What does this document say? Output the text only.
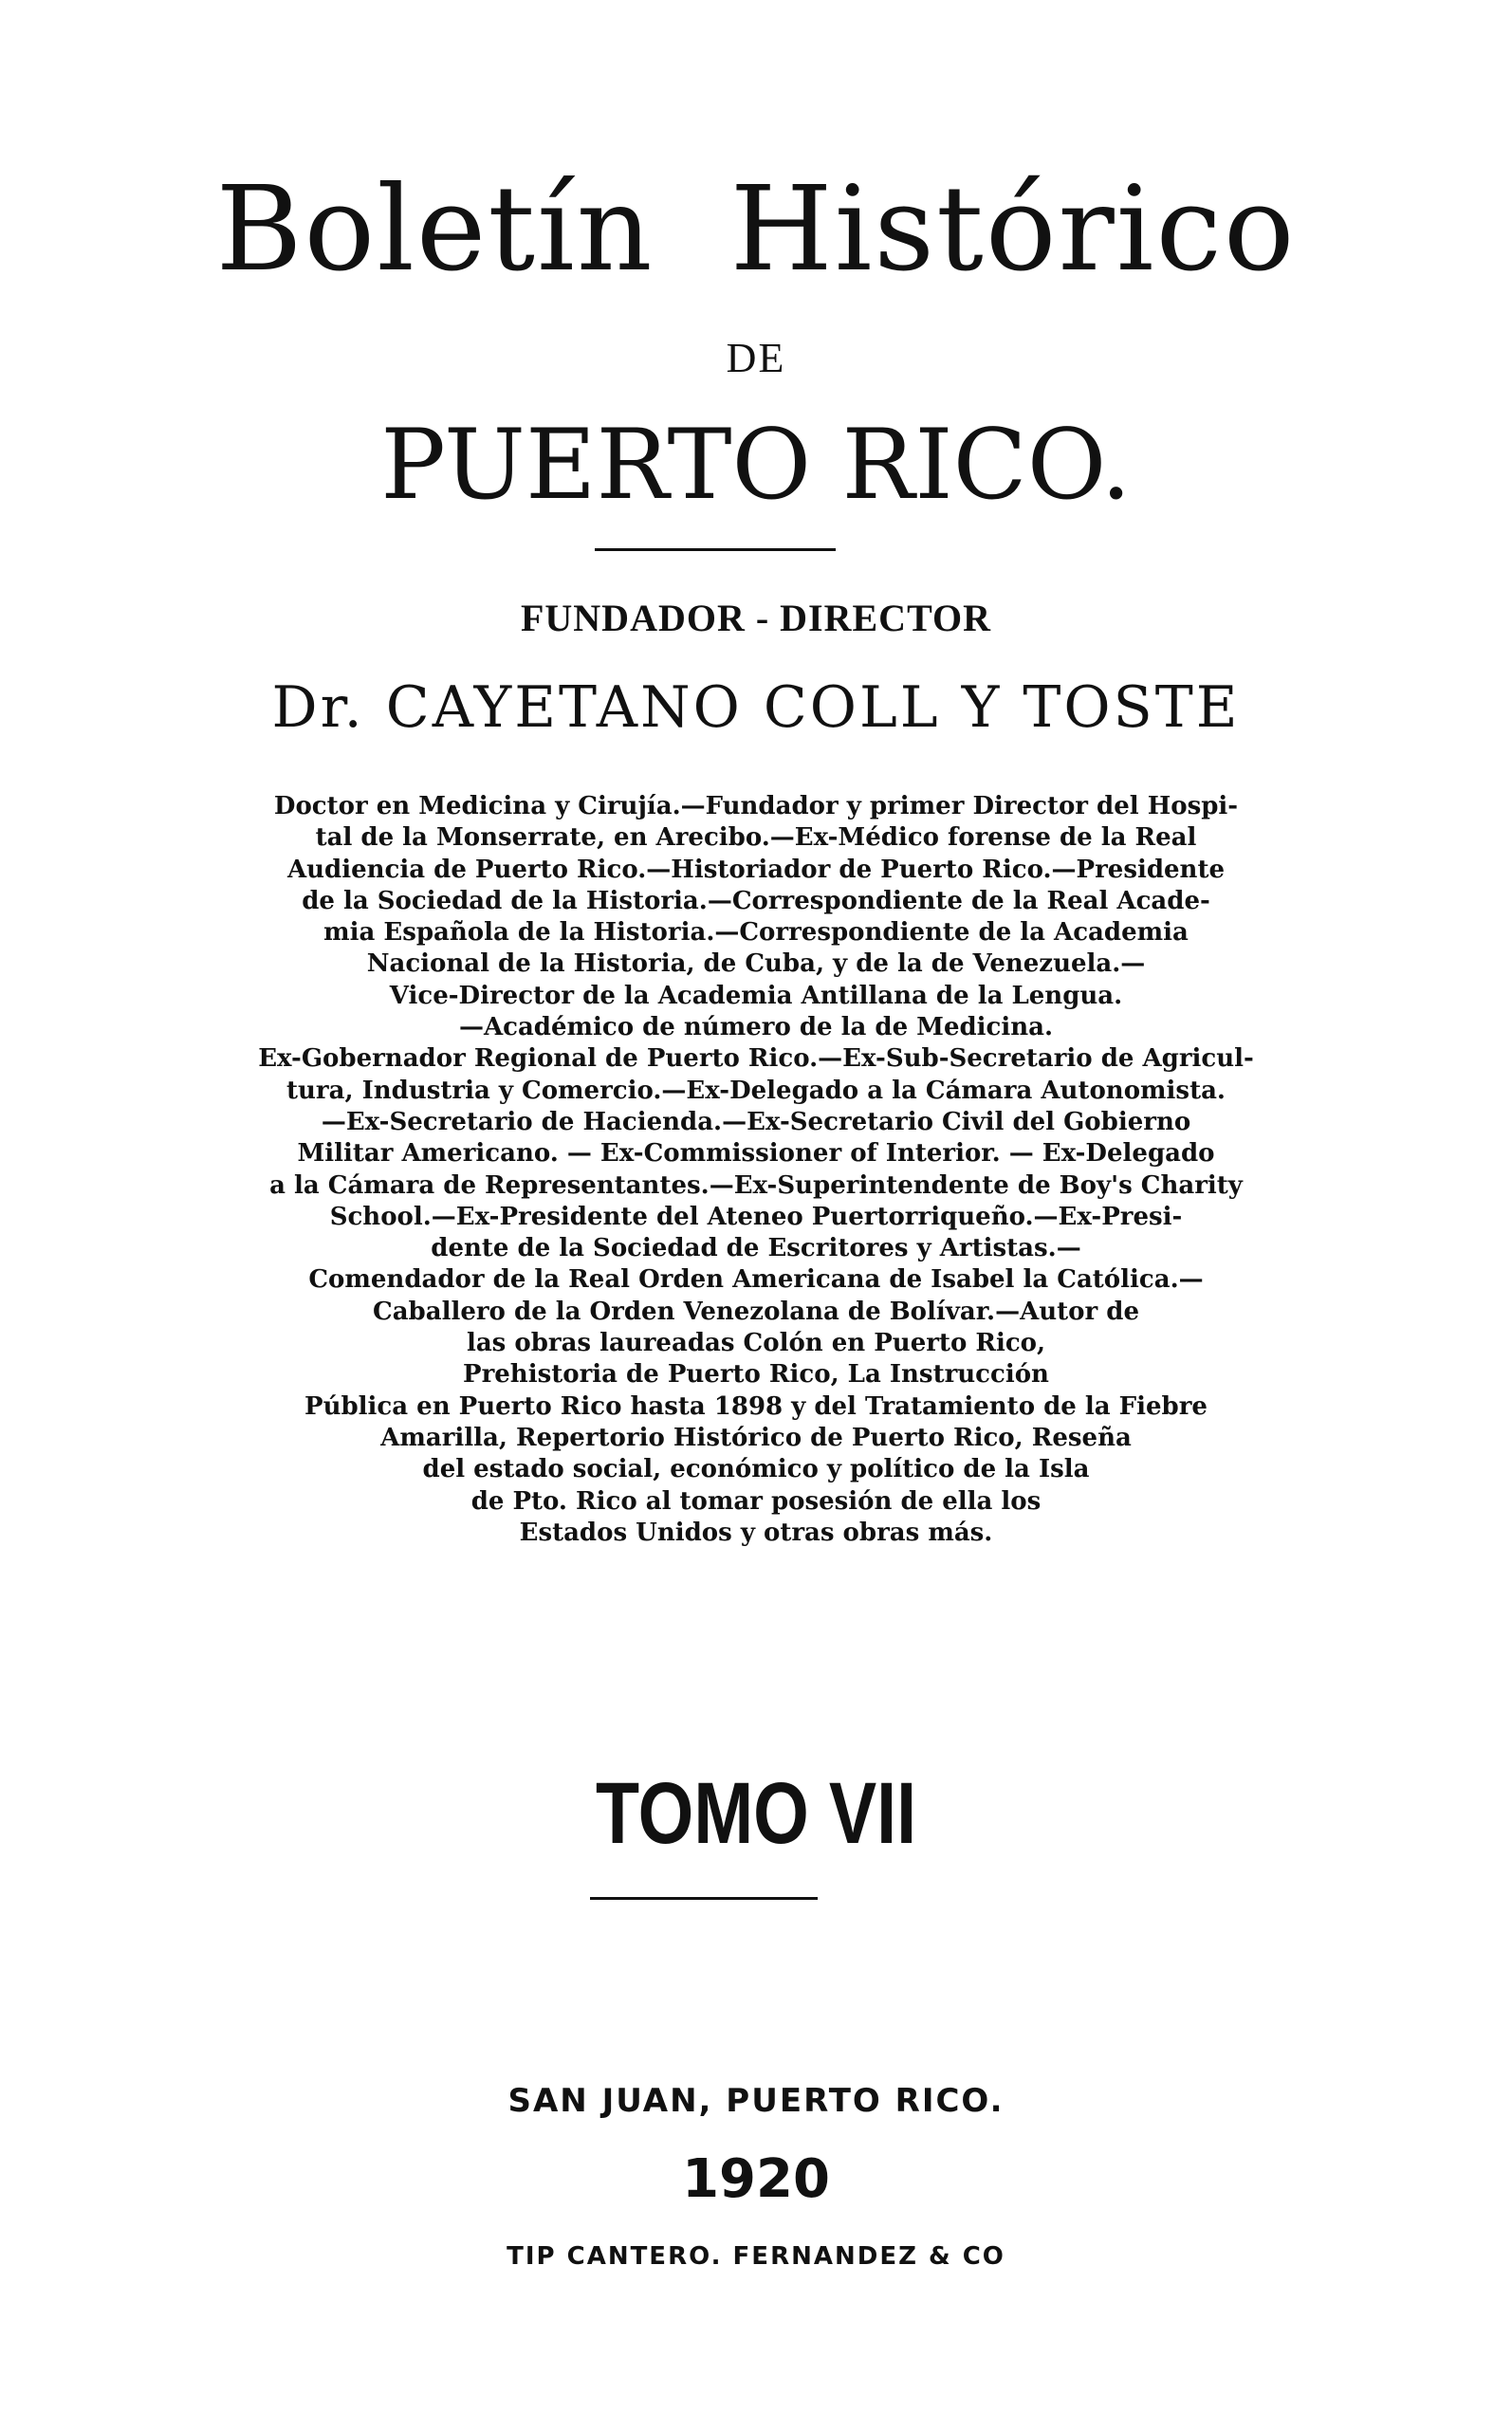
Boletín Histórico
DE
PUERTO RICO.
FUNDADOR - DIRECTOR
Dr. CAYETANO COLL Y TOSTE
Doctor en Medicina y Cirujía.—Fundador y primer Director del Hospi-
tal de la Monserrate, en Arecibo.—Ex-Médico forense de la Real
Audiencia de Puerto Rico.—Historiador de Puerto Rico.—Presidente
de la Sociedad de la Historia.—Correspondiente de la Real Acade-
mia Española de la Historia.—Correspondiente de la Academia
Nacional de la Historia, de Cuba, y de la de Venezuela.—
Vice-Director de la Academia Antillana de la Lengua.
—Académico de número de la de Medicina.
Ex-Gobernador Regional de Puerto Rico.—Ex-Sub-Secretario de Agricul-
tura, Industria y Comercio.—Ex-Delegado a la Cámara Autonomista.
—Ex-Secretario de Hacienda.—Ex-Secretario Civil del Gobierno
Militar Americano. — Ex-Commissioner of Interior. — Ex-Delegado
a la Cámara de Representantes.—Ex-Superintendente de Boy's Charity
School.—Ex-Presidente del Ateneo Puertorriqueño.—Ex-Presi-
dente de la Sociedad de Escritores y Artistas.—
Comendador de la Real Orden Americana de Isabel la Católica.—
Caballero de la Orden Venezolana de Bolívar.—Autor de
las obras laureadas Colón en Puerto Rico,
Prehistoria de Puerto Rico, La Instrucción
Pública en Puerto Rico hasta 1898 y del Tratamiento de la Fiebre
Amarilla, Repertorio Histórico de Puerto Rico, Reseña
del estado social, económico y político de la Isla
de Pto. Rico al tomar posesión de ella los
Estados Unidos y otras obras más.
TOMO VII
SAN JUAN, PUERTO RICO.
1920
TIP CANTERO. FERNANDEZ & CO
